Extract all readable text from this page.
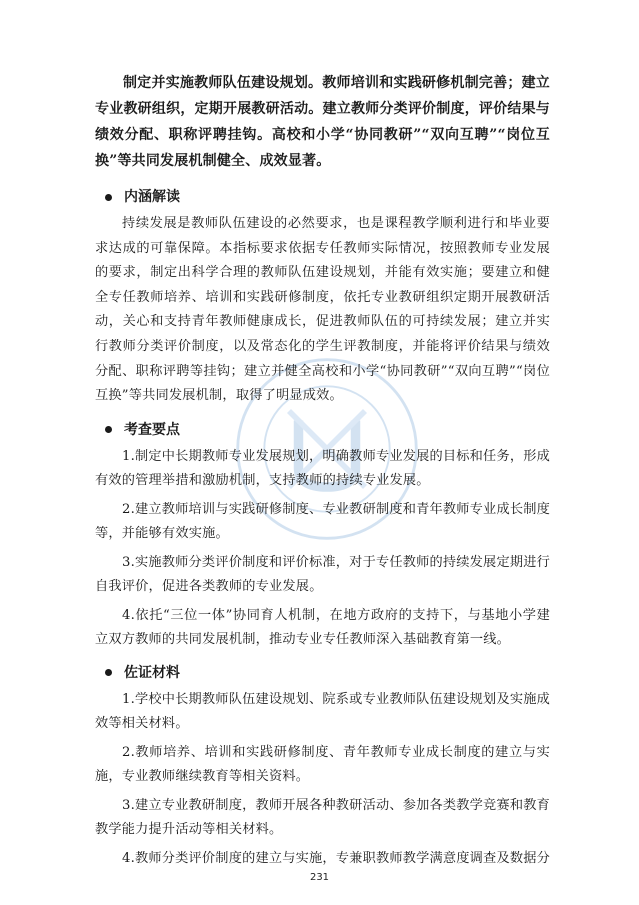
制定并实施教师队伍建设规划。教师培训和实践研修机制完善；建立专业教研组织，定期开展教研活动。建立教师分类评价制度，评价结果与绩效分配、职称评聘挂钩。高校和小学“协同教研”“双向互聘”“岗位互换”等共同发展机制健全、成效显著。

内涵解读

持续发展是教师队伍建设的必然要求，也是课程教学顺利进行和毕业要求达成的可靠保障。本指标要求依据专任教师实际情况，按照教师专业发展的要求，制定出科学合理的教师队伍建设规划，并能有效实施；要建立和健全专任教师培养、培训和实践研修制度，依托专业教研组织定期开展教研活动，关心和支持青年教师健康成长，促进教师队伍的可持续发展；建立并实行教师分类评价制度，以及常态化的学生评教制度，并能将评价结果与绩效分配、职称评聘等挂钩；建立并健全高校和小学“协同教研”“双向互聘”“岗位互换”等共同发展机制，取得了明显成效。

考查要点

1.制定中长期教师专业发展规划，明确教师专业发展的目标和任务，形成有效的管理举措和激励机制，支持教师的持续专业发展。

2.建立教师培训与实践研修制度、专业教研制度和青年教师专业成长制度等，并能够有效实施。

3.实施教师分类评价制度和评价标准，对于专任教师的持续发展定期进行自我评价，促进各类教师的专业发展。

4.依托“三位一体”协同育人机制，在地方政府的支持下，与基地小学建立双方教师的共同发展机制，推动专业专任教师深入基础教育第一线。

佐证材料

1.学校中长期教师队伍建设规划、院系或专业教师队伍建设规划及实施成效等相关材料。

2.教师培养、培训和实践研修制度、青年教师专业成长制度的建立与实施，专业教师继续教育等相关资料。

3.建立专业教研制度，教师开展各种教研活动、参加各类教学竞赛和教育教学能力提升活动等相关材料。

4.教师分类评价制度的建立与实施，专兼职教师教学满意度调查及数据分

231
